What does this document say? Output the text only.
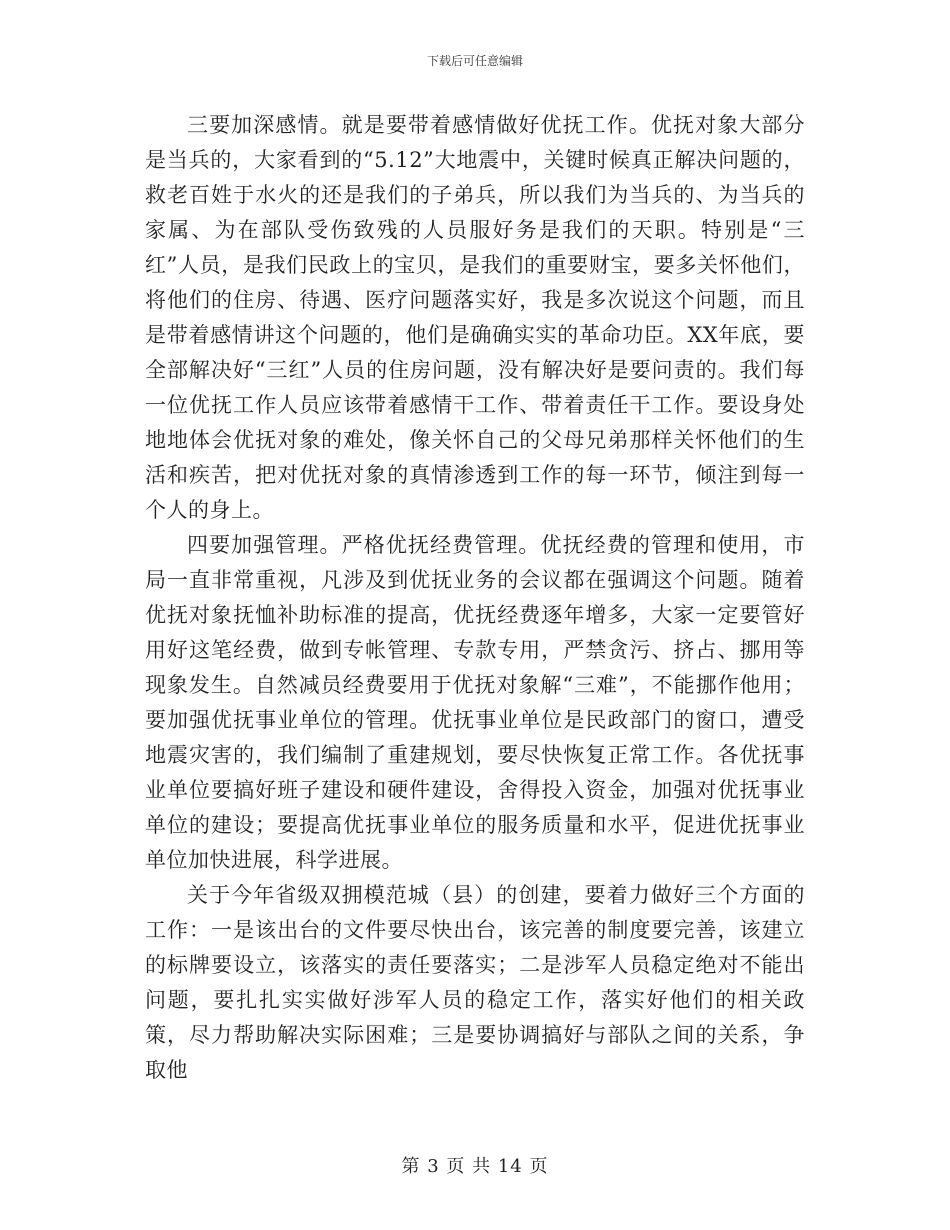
下载后可任意编辑

三要加深感情。就是要带着感情做好优抚工作。优抚对象大部分是当兵的，大家看到的“5.12”大地震中，关键时候真正解决问题的，救老百姓于水火的还是我们的子弟兵，所以我们为当兵的、为当兵的家属、为在部队受伤致残的人员服好务是我们的天职。特别是“三红”人员，是我们民政上的宝贝，是我们的重要财宝，要多关怀他们，将他们的住房、待遇、医疗问题落实好，我是多次说这个问题，而且是带着感情讲这个问题的，他们是确确实实的革命功臣。XX年底，要全部解决好“三红”人员的住房问题，没有解决好是要问责的。我们每一位优抚工作人员应该带着感情干工作、带着责任干工作。要设身处地地体会优抚对象的难处，像关怀自己的父母兄弟那样关怀他们的生活和疾苦，把对优抚对象的真情渗透到工作的每一环节，倾注到每一个人的身上。

四要加强管理。严格优抚经费管理。优抚经费的管理和使用，市局一直非常重视，凡涉及到优抚业务的会议都在强调这个问题。随着优抚对象抚恤补助标准的提高，优抚经费逐年增多，大家一定要管好用好这笔经费，做到专帐管理、专款专用，严禁贪污、挤占、挪用等现象发生。自然减员经费要用于优抚对象解“三难”，不能挪作他用；要加强优抚事业单位的管理。优抚事业单位是民政部门的窗口，遭受地震灾害的，我们编制了重建规划，要尽快恢复正常工作。各优抚事业单位要搞好班子建设和硬件建设，舍得投入资金，加强对优抚事业单位的建设；要提高优抚事业单位的服务质量和水平，促进优抚事业单位加快进展，科学进展。

关于今年省级双拥模范城（县）的创建，要着力做好三个方面的工作：一是该出台的文件要尽快出台，该完善的制度要完善，该建立的标牌要设立，该落实的责任要落实；二是涉军人员稳定绝对不能出问题，要扎扎实实做好涉军人员的稳定工作，落实好他们的相关政策，尽力帮助解决实际困难；三是要协调搞好与部队之间的关系，争取他

第 3 页 共 14 页
